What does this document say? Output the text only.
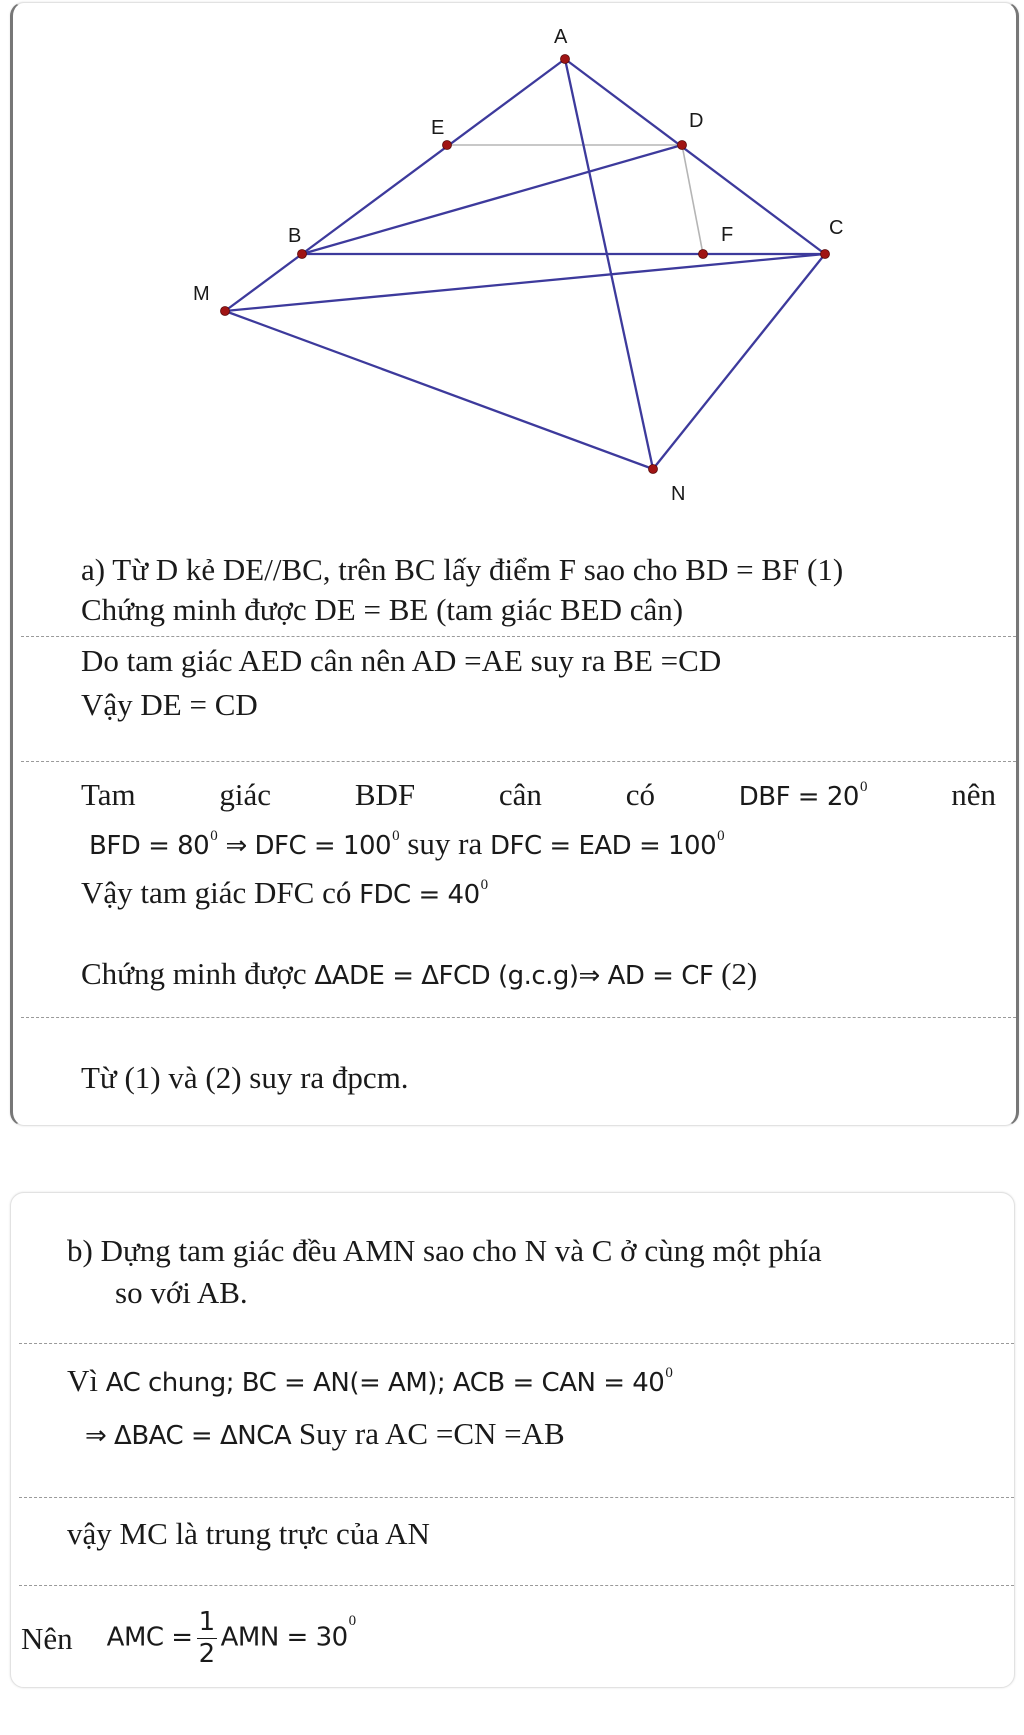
A
E	D
B	F	C
M
N
a) Từ D kẻ DE//BC, trên BC lấy điểm F sao cho BD = BF (1)
Chứng minh được DE = BE (tam giác BED cân)
Do tam giác AED cân nên AD =AE suy ra BE =CD
Vậy DE = CD
Tam	giác	BDF	cân	có	DBF = $20^0$	nên
BFD = $80^0$ ⇒ DFC = $100^0$ suy ra DFC = EAD = $100^0$
Vậy tam giác DFC có FDC = $40^0$
Chứng minh được ΔADE = ΔFCD (g.c.g)⇒ AD = CF (2)
Từ (1) và (2) suy ra đpcm.
b) Dựng tam giác đều AMN sao cho N và C ở cùng một phía
so với AB.
Vì AC chung; BC = AN(= AM); ACB = CAN = $40^0$
⇒ ΔBAC = ΔNCA Suy ra AC =CN =AB
vậy MC là trung trực của AN
Nên AMC = $\frac{1}{2}$ AMN = $30^0$
